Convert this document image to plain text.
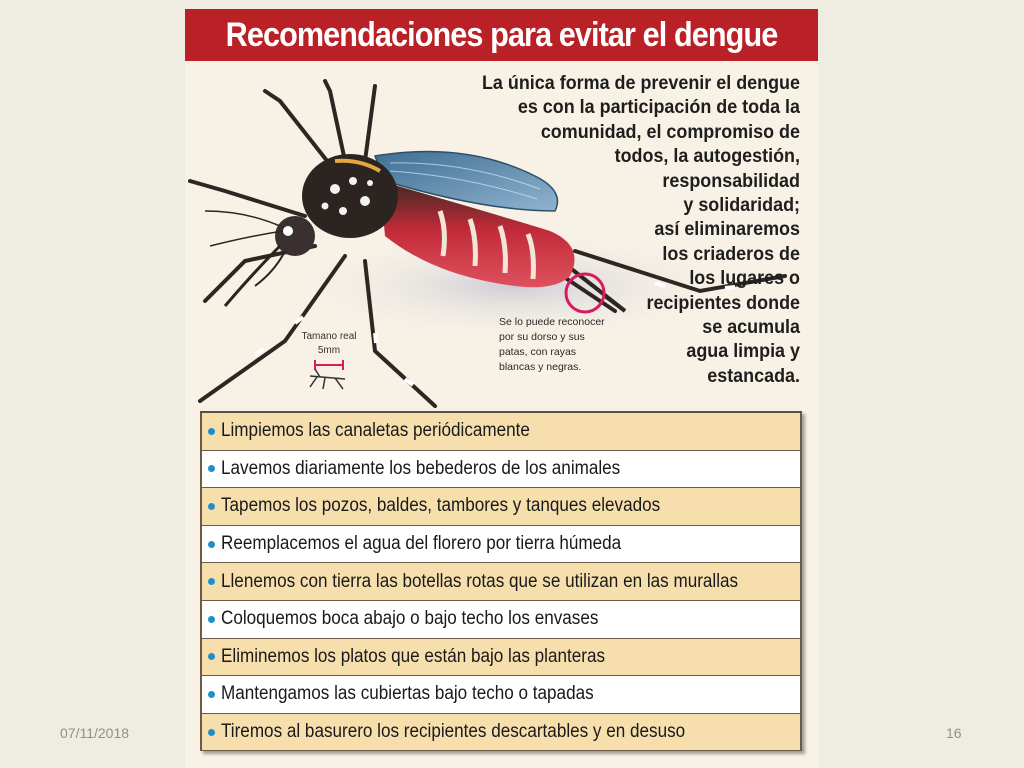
Recomendaciones para evitar el dengue
La única forma de prevenir el dengue
es con la participación de toda la
comunidad, el compromiso de
todos, la autogestión,
responsabilidad
y solidaridad;
así eliminaremos
los criaderos de
los lugares o
recipientes donde
se acumula
agua limpia y
estancada.
Se lo puede reconocer
por su dorso y sus
patas, con rayas
blancas y negras.
Tamano real
5mm
Limpiemos las canaletas periódicamente
Lavemos diariamente los bebederos de los animales
Tapemos los pozos, baldes, tambores y tanques elevados
Reemplacemos el agua del florero por tierra húmeda
Llenemos con tierra las botellas rotas que se utilizan en las murallas
Coloquemos boca abajo o bajo techo los envases
Eliminemos los platos que están bajo las planteras
Mantengamos las cubiertas bajo techo o tapadas
Tiremos al basurero los recipientes descartables y en desuso
07/11/2018	16
